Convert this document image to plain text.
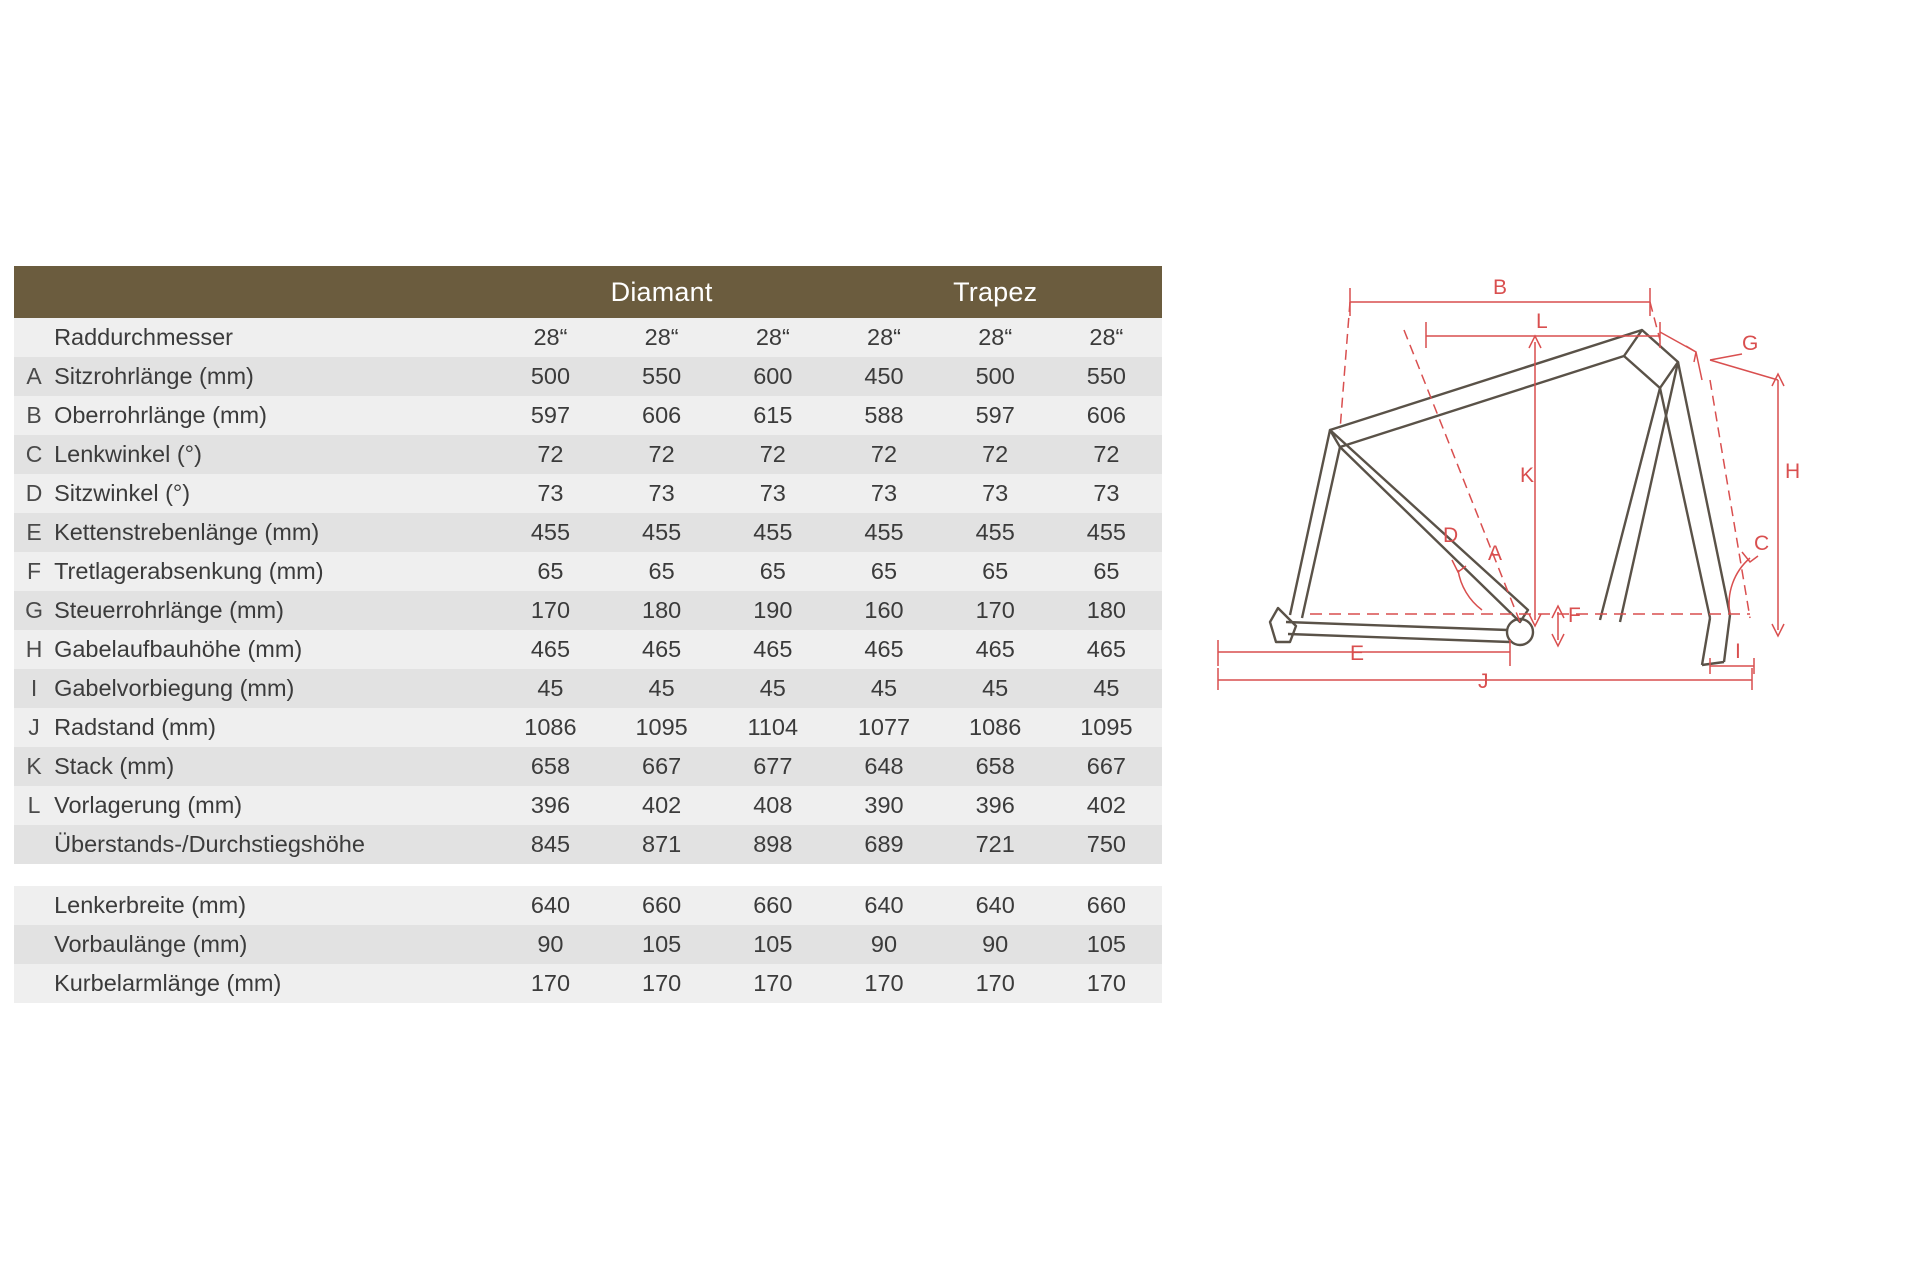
		Diamant			Trapez		
	Raddurchmesser	28“	28“	28“	28“	28“	28“
A	Sitzrohrlänge (mm)	500	550	600	450	500	550
B	Oberrohrlänge (mm)	597	606	615	588	597	606
C	Lenkwinkel (°)	72	72	72	72	72	72
D	Sitzwinkel (°)	73	73	73	73	73	73
E	Kettenstrebenlänge (mm)	455	455	455	455	455	455
F	Tretlagerabsenkung (mm)	65	65	65	65	65	65
G	Steuerrohrlänge (mm)	170	180	190	160	170	180
H	Gabelaufbauhöhe (mm)	465	465	465	465	465	465
I	Gabelvorbiegung (mm)	45	45	45	45	45	45
J	Radstand (mm)	1086	1095	1104	1077	1086	1095
K	Stack (mm)	658	667	677	648	658	667
L	Vorlagerung (mm)	396	402	408	390	396	402
	Überstands-/Durchstiegshöhe	845	871	898	689	721	750
	Lenkerbreite (mm)	640	660	660	640	640	660
	Vorbaulänge (mm)	90	105	105	90	90	105
	Kurbelarmlänge (mm)	170	170	170	170	170	170
B
L
K	H
G
D
A	C
F
E
J
I
